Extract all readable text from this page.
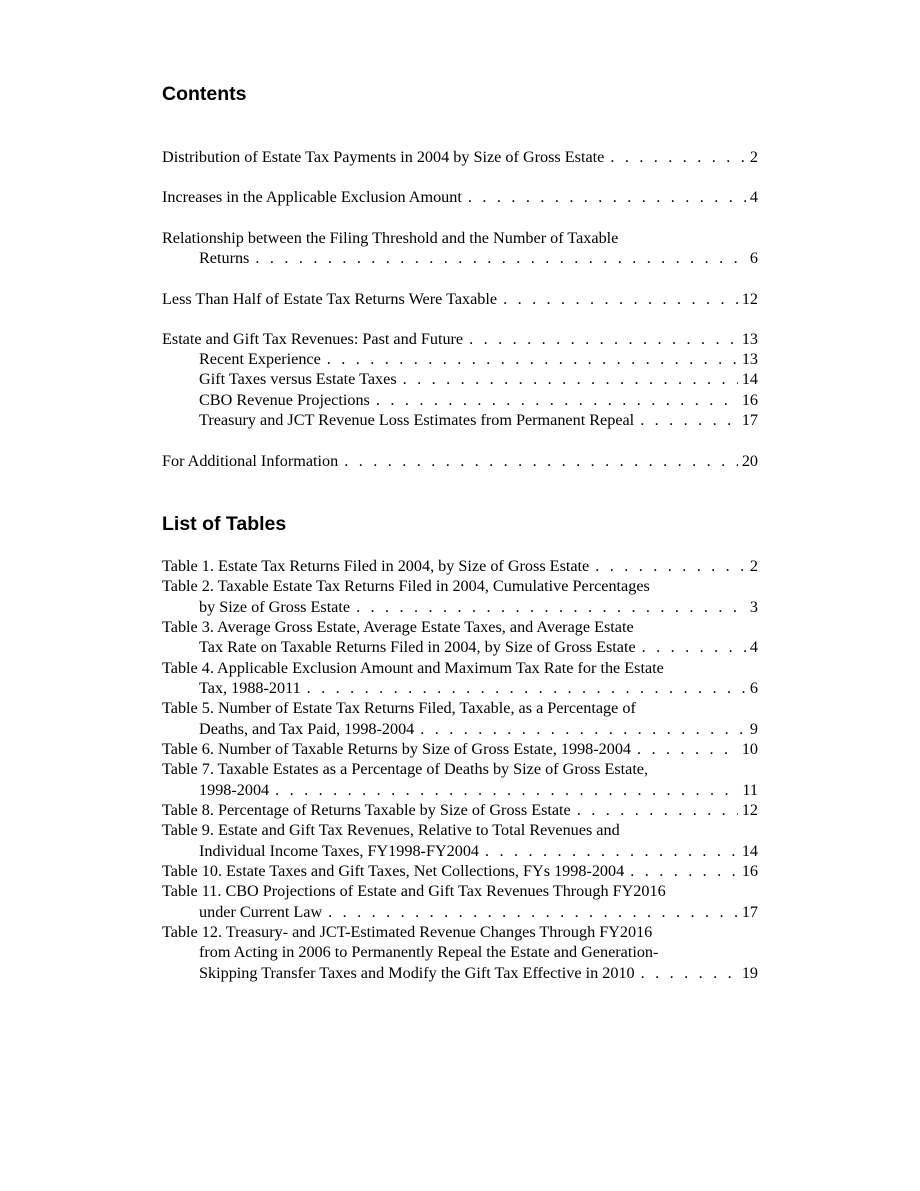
Contents
Distribution of Estate Tax Payments in 2004 by Size of Gross Estate . . .	2
Increases in the Applicable Exclusion Amount . . .	4
Relationship between the Filing Threshold and the Number of Taxable
Returns . . .	6
Less Than Half of Estate Tax Returns Were Taxable . . .	12
Estate and Gift Tax Revenues: Past and Future . . .	13
Recent Experience . . .	13
Gift Taxes versus Estate Taxes . . .	14
CBO Revenue Projections . . .	16
Treasury and JCT Revenue Loss Estimates from Permanent Repeal . . .	17
For Additional Information . . .	20
List of Tables
Table 1. Estate Tax Returns Filed in 2004, by Size of Gross Estate . . .	2
Table 2. Taxable Estate Tax Returns Filed in 2004, Cumulative Percentages
by Size of Gross Estate . . .	3
Table 3. Average Gross Estate, Average Estate Taxes, and Average Estate
Tax Rate on Taxable Returns Filed in 2004, by Size of Gross Estate . . .	4
Table 4. Applicable Exclusion Amount and Maximum Tax Rate for the Estate
Tax, 1988-2011 . . .	6
Table 5. Number of Estate Tax Returns Filed, Taxable, as a Percentage of
Deaths, and Tax Paid, 1998-2004 . . .	9
Table 6. Number of Taxable Returns by Size of Gross Estate, 1998-2004 . . .	10
Table 7. Taxable Estates as a Percentage of Deaths by Size of Gross Estate,
1998-2004 . . .	11
Table 8. Percentage of Returns Taxable by Size of Gross Estate . . .	12
Table 9. Estate and Gift Tax Revenues, Relative to Total Revenues and
Individual Income Taxes, FY1998-FY2004 . . .	14
Table 10. Estate Taxes and Gift Taxes, Net Collections, FYs 1998-2004 . . .	16
Table 11. CBO Projections of Estate and Gift Tax Revenues Through FY2016
under Current Law . . .	17
Table 12. Treasury- and JCT-Estimated Revenue Changes Through FY2016
from Acting in 2006 to Permanently Repeal the Estate and Generation-
Skipping Transfer Taxes and Modify the Gift Tax Effective in 2010 . . .	19
